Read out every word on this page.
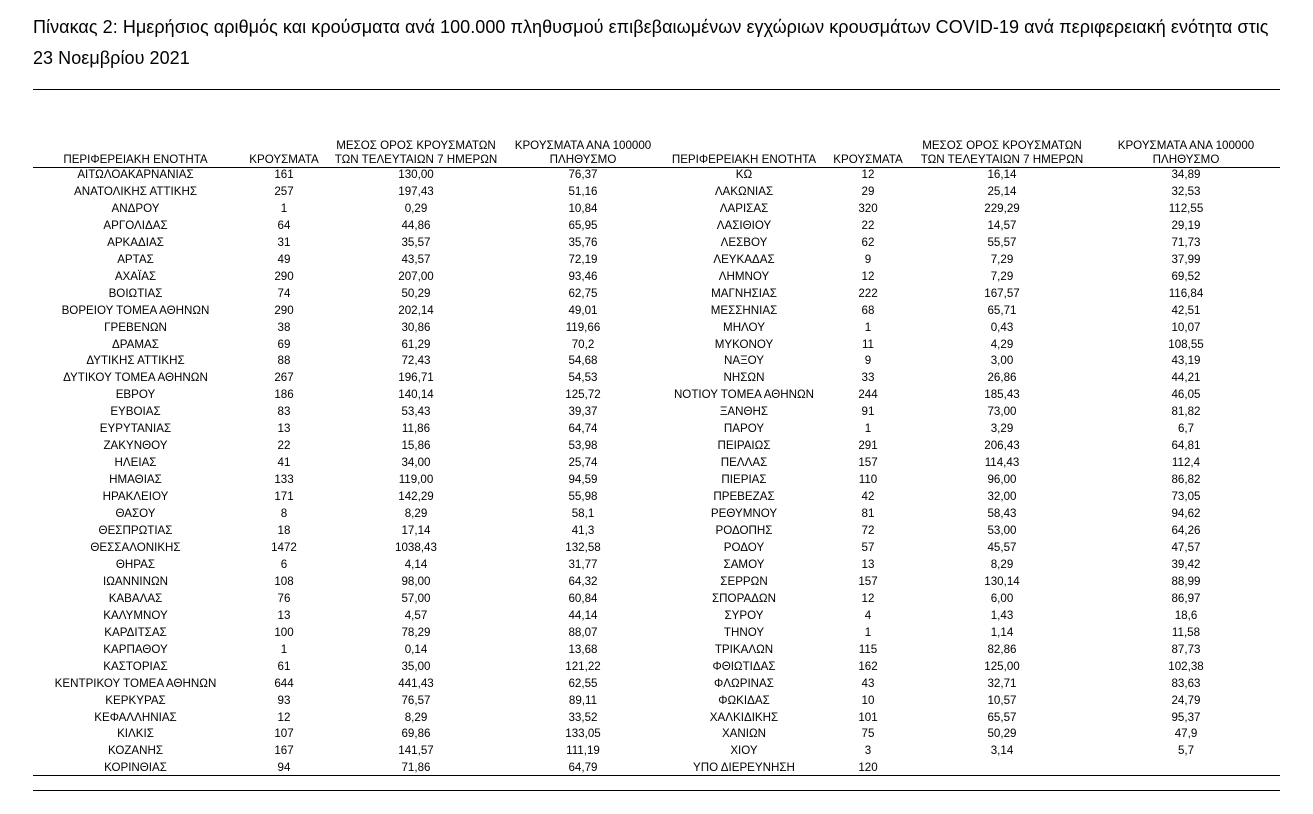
Πίνακας 2: Ημερήσιος αριθμός και κρούσματα ανά 100.000 πληθυσμού επιβεβαιωμένων εγχώριων κρουσμάτων COVID-19 ανά περιφερειακή ενότητα στις 23 Νοεμβρίου 2021
ΠΕΡΙΦΕΡΕΙΑΚΗ ΕΝΟΤΗΤΑ	ΚΡΟΥΣΜΑΤΑ	ΜΕΣΟΣ ΟΡΟΣ ΚΡΟΥΣΜΑΤΩΝ ΤΩΝ ΤΕΛΕΥΤΑΙΩΝ 7 ΗΜΕΡΩΝ	ΚΡΟΥΣΜΑΤΑ ΑΝΑ 100000 ΠΛΗΘΥΣΜΟ	ΠΕΡΙΦΕΡΕΙΑΚΗ ΕΝΟΤΗΤΑ	ΚΡΟΥΣΜΑΤΑ	ΜΕΣΟΣ ΟΡΟΣ ΚΡΟΥΣΜΑΤΩΝ ΤΩΝ ΤΕΛΕΥΤΑΙΩΝ 7 ΗΜΕΡΩΝ	ΚΡΟΥΣΜΑΤΑ ΑΝΑ 100000 ΠΛΗΘΥΣΜΟ
ΑΙΤΩΛΟΑΚΑΡΝΑΝΙΑΣ	161	130,00	76,37	ΚΩ	12	16,14	34,89
ΑΝΑΤΟΛΙΚΗΣ ΑΤΤΙΚΗΣ	257	197,43	51,16	ΛΑΚΩΝΙΑΣ	29	25,14	32,53
ΑΝΔΡΟΥ	1	0,29	10,84	ΛΑΡΙΣΑΣ	320	229,29	112,55
ΑΡΓΟΛΙΔΑΣ	64	44,86	65,95	ΛΑΣΙΘΙΟΥ	22	14,57	29,19
ΑΡΚΑΔΙΑΣ	31	35,57	35,76	ΛΕΣΒΟΥ	62	55,57	71,73
ΑΡΤΑΣ	49	43,57	72,19	ΛΕΥΚΑΔΑΣ	9	7,29	37,99
ΑΧΑΪΑΣ	290	207,00	93,46	ΛΗΜΝΟΥ	12	7,29	69,52
ΒΟΙΩΤΙΑΣ	74	50,29	62,75	ΜΑΓΝΗΣΙΑΣ	222	167,57	116,84
ΒΟΡΕΙΟΥ ΤΟΜΕΑ ΑΘΗΝΩΝ	290	202,14	49,01	ΜΕΣΣΗΝΙΑΣ	68	65,71	42,51
ΓΡΕΒΕΝΩΝ	38	30,86	119,66	ΜΗΛΟΥ	1	0,43	10,07
ΔΡΑΜΑΣ	69	61,29	70,2	ΜΥΚΟΝΟΥ	11	4,29	108,55
ΔΥΤΙΚΗΣ ΑΤΤΙΚΗΣ	88	72,43	54,68	ΝΑΞΟΥ	9	3,00	43,19
ΔΥΤΙΚΟΥ ΤΟΜΕΑ ΑΘΗΝΩΝ	267	196,71	54,53	ΝΗΣΩΝ	33	26,86	44,21
ΕΒΡΟΥ	186	140,14	125,72	ΝΟΤΙΟΥ ΤΟΜΕΑ ΑΘΗΝΩΝ	244	185,43	46,05
ΕΥΒΟΙΑΣ	83	53,43	39,37	ΞΑΝΘΗΣ	91	73,00	81,82
ΕΥΡΥΤΑΝΙΑΣ	13	11,86	64,74	ΠΑΡΟΥ	1	3,29	6,7
ΖΑΚΥΝΘΟΥ	22	15,86	53,98	ΠΕΙΡΑΙΩΣ	291	206,43	64,81
ΗΛΕΙΑΣ	41	34,00	25,74	ΠΕΛΛΑΣ	157	114,43	112,4
ΗΜΑΘΙΑΣ	133	119,00	94,59	ΠΙΕΡΙΑΣ	110	96,00	86,82
ΗΡΑΚΛΕΙΟΥ	171	142,29	55,98	ΠΡΕΒΕΖΑΣ	42	32,00	73,05
ΘΑΣΟΥ	8	8,29	58,1	ΡΕΘΥΜΝΟΥ	81	58,43	94,62
ΘΕΣΠΡΩΤΙΑΣ	18	17,14	41,3	ΡΟΔΟΠΗΣ	72	53,00	64,26
ΘΕΣΣΑΛΟΝΙΚΗΣ	1472	1038,43	132,58	ΡΟΔΟΥ	57	45,57	47,57
ΘΗΡΑΣ	6	4,14	31,77	ΣΑΜΟΥ	13	8,29	39,42
ΙΩΑΝΝΙΝΩΝ	108	98,00	64,32	ΣΕΡΡΩΝ	157	130,14	88,99
ΚΑΒΑΛΑΣ	76	57,00	60,84	ΣΠΟΡΑΔΩΝ	12	6,00	86,97
ΚΑΛΥΜΝΟΥ	13	4,57	44,14	ΣΥΡΟΥ	4	1,43	18,6
ΚΑΡΔΙΤΣΑΣ	100	78,29	88,07	ΤΗΝΟΥ	1	1,14	11,58
ΚΑΡΠΑΘΟΥ	1	0,14	13,68	ΤΡΙΚΑΛΩΝ	115	82,86	87,73
ΚΑΣΤΟΡΙΑΣ	61	35,00	121,22	ΦΘΙΩΤΙΔΑΣ	162	125,00	102,38
ΚΕΝΤΡΙΚΟΥ ΤΟΜΕΑ ΑΘΗΝΩΝ	644	441,43	62,55	ΦΛΩΡΙΝΑΣ	43	32,71	83,63
ΚΕΡΚΥΡΑΣ	93	76,57	89,11	ΦΩΚΙΔΑΣ	10	10,57	24,79
ΚΕΦΑΛΛΗΝΙΑΣ	12	8,29	33,52	ΧΑΛΚΙΔΙΚΗΣ	101	65,57	95,37
ΚΙΛΚΙΣ	107	69,86	133,05	ΧΑΝΙΩΝ	75	50,29	47,9
ΚΟΖΑΝΗΣ	167	141,57	111,19	ΧΙΟΥ	3	3,14	5,7
ΚΟΡΙΝΘΙΑΣ	94	71,86	64,79	ΥΠΟ ΔΙΕΡΕΥΝΗΣΗ	120		
